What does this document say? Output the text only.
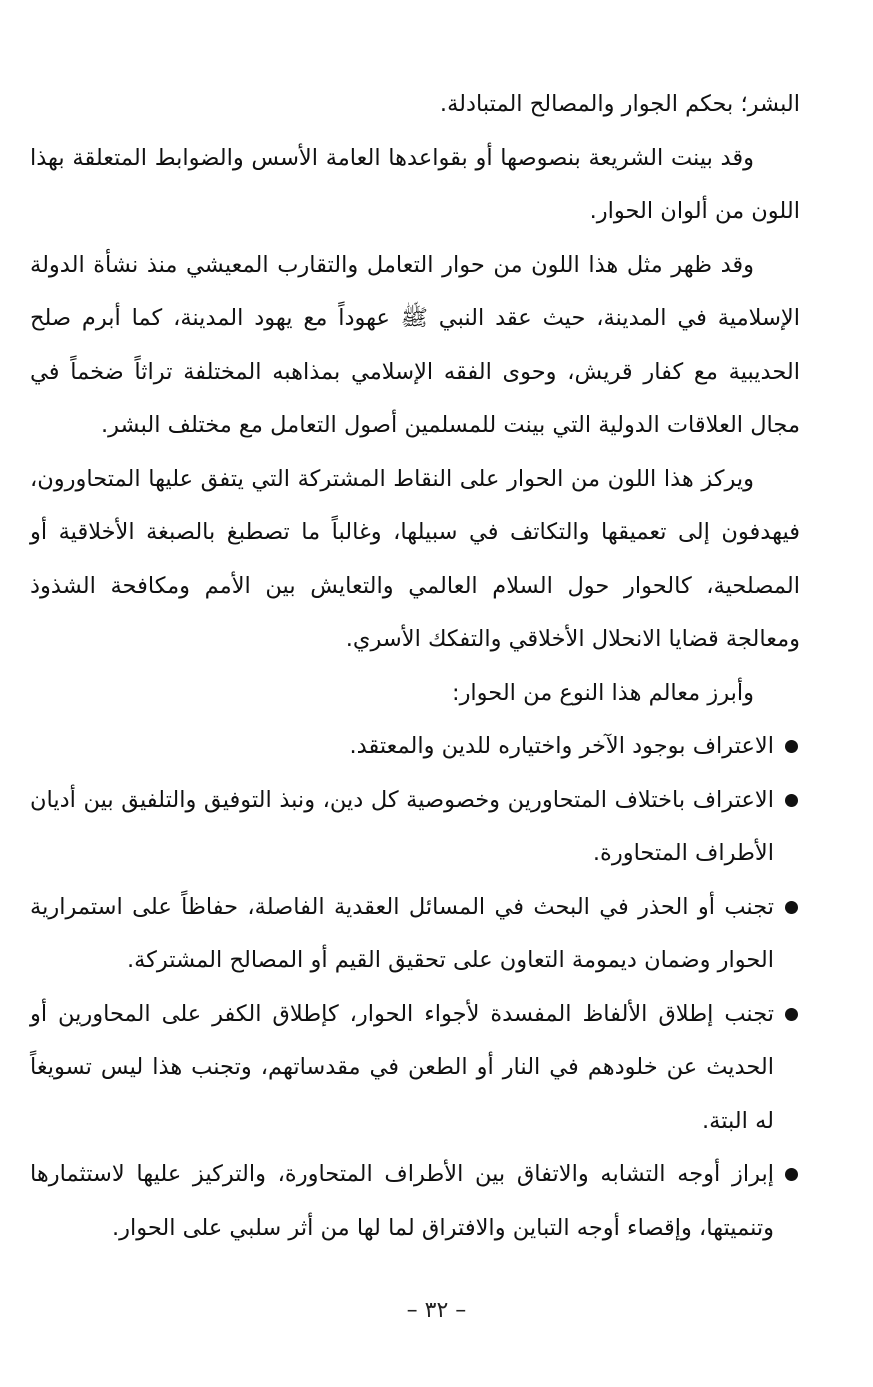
البشر؛ بحكم الجوار والمصالح المتبادلة.

وقد بينت الشريعة بنصوصها أو بقواعدها العامة الأسس والضوابط المتعلقة بهذا اللون من ألوان الحوار.

وقد ظهر مثل هذا اللون من حوار التعامل والتقارب المعيشي منذ نشأة الدولة الإسلامية في المدينة، حيث عقد النبي ﷺ عهوداً مع يهود المدينة، كما أبرم صلح الحديبية مع كفار قريش، وحوى الفقه الإسلامي بمذاهبه المختلفة تراثاً ضخماً في مجال العلاقات الدولية التي بينت للمسلمين أصول التعامل مع مختلف البشر.

ويركز هذا اللون من الحوار على النقاط المشتركة التي يتفق عليها المتحاورون، فيهدفون إلى تعميقها والتكاتف في سبيلها، وغالباً ما تصطبغ بالصبغة الأخلاقية أو المصلحية، كالحوار حول السلام العالمي والتعايش بين الأمم ومكافحة الشذوذ ومعالجة قضايا الانحلال الأخلاقي والتفكك الأسري.

وأبرز معالم هذا النوع من الحوار:

الاعتراف بوجود الآخر واختياره للدين والمعتقد.
الاعتراف باختلاف المتحاورين وخصوصية كل دين، ونبذ التوفيق والتلفيق بين أديان الأطراف المتحاورة.
تجنب أو الحذر في البحث في المسائل العقدية الفاصلة، حفاظاً على استمرارية الحوار وضمان ديمومة التعاون على تحقيق القيم أو المصالح المشتركة.
تجنب إطلاق الألفاظ المفسدة لأجواء الحوار، كإطلاق الكفر على المحاورين أو الحديث عن خلودهم في النار أو الطعن في مقدساتهم، وتجنب هذا ليس تسويغاً له البتة.
إبراز أوجه التشابه والاتفاق بين الأطراف المتحاورة، والتركيز عليها لاستثمارها وتنميتها، وإقصاء أوجه التباين والافتراق لما لها من أثر سلبي على الحوار.
– ٣٢ –
